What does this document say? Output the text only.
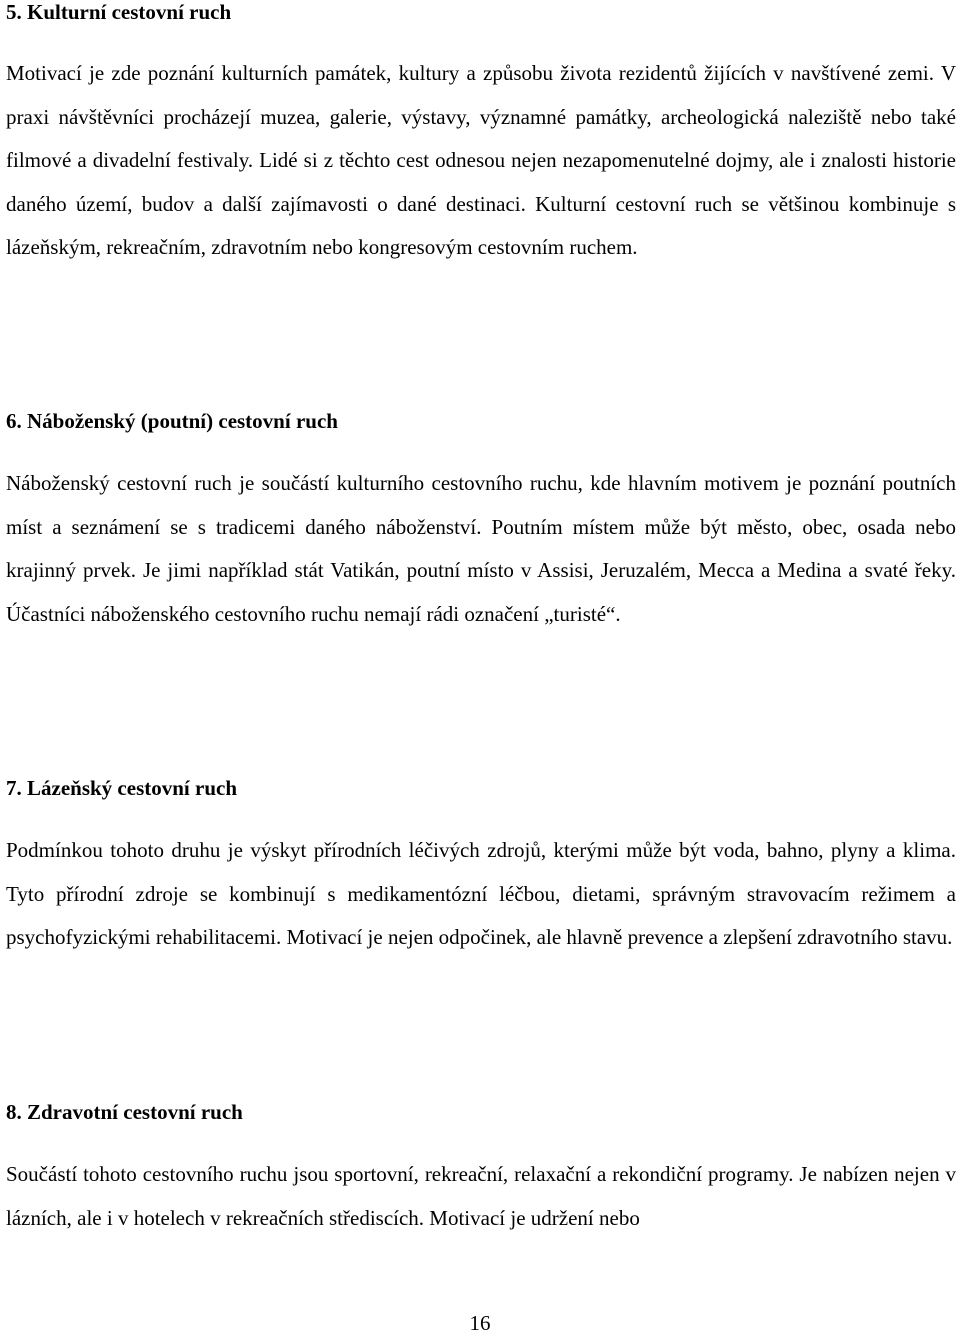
5. Kulturní cestovní ruch

Motivací je zde poznání kulturních památek, kultury a způsobu života rezidentů žijících v navštívené zemi. V praxi návštěvníci procházejí muzea, galerie, výstavy, významné památky, archeologická naleziště nebo také filmové a divadelní festivaly. Lidé si z těchto cest odnesou nejen nezapomenutelné dojmy, ale i znalosti historie daného území, budov a další zajímavosti o dané destinaci. Kulturní cestovní ruch se většinou kombinuje s lázeňským, rekreačním, zdravotním nebo kongresovým cestovním ruchem.

6. Náboženský (poutní) cestovní ruch

Náboženský cestovní ruch je součástí kulturního cestovního ruchu, kde hlavním motivem je poznání poutních míst a seznámení se s tradicemi daného náboženství. Poutním místem může být město, obec, osada nebo krajinný prvek. Je jimi například stát Vatikán, poutní místo v Assisi, Jeruzalém, Mecca a Medina a svaté řeky. Účastníci náboženského cestovního ruchu nemají rádi označení „turisté“.

7. Lázeňský cestovní ruch

Podmínkou tohoto druhu je výskyt přírodních léčivých zdrojů, kterými může být voda, bahno, plyny a klima. Tyto přírodní zdroje se kombinují s medikamentózní léčbou, dietami, správným stravovacím režimem a psychofyzickými rehabilitacemi. Motivací je nejen odpočinek, ale hlavně prevence a zlepšení zdravotního stavu.

8. Zdravotní cestovní ruch

Součástí tohoto cestovního ruchu jsou sportovní, rekreační, relaxační a rekondiční programy. Je nabízen nejen v lázních, ale i v hotelech v rekreačních střediscích. Motivací je udržení nebo

16
